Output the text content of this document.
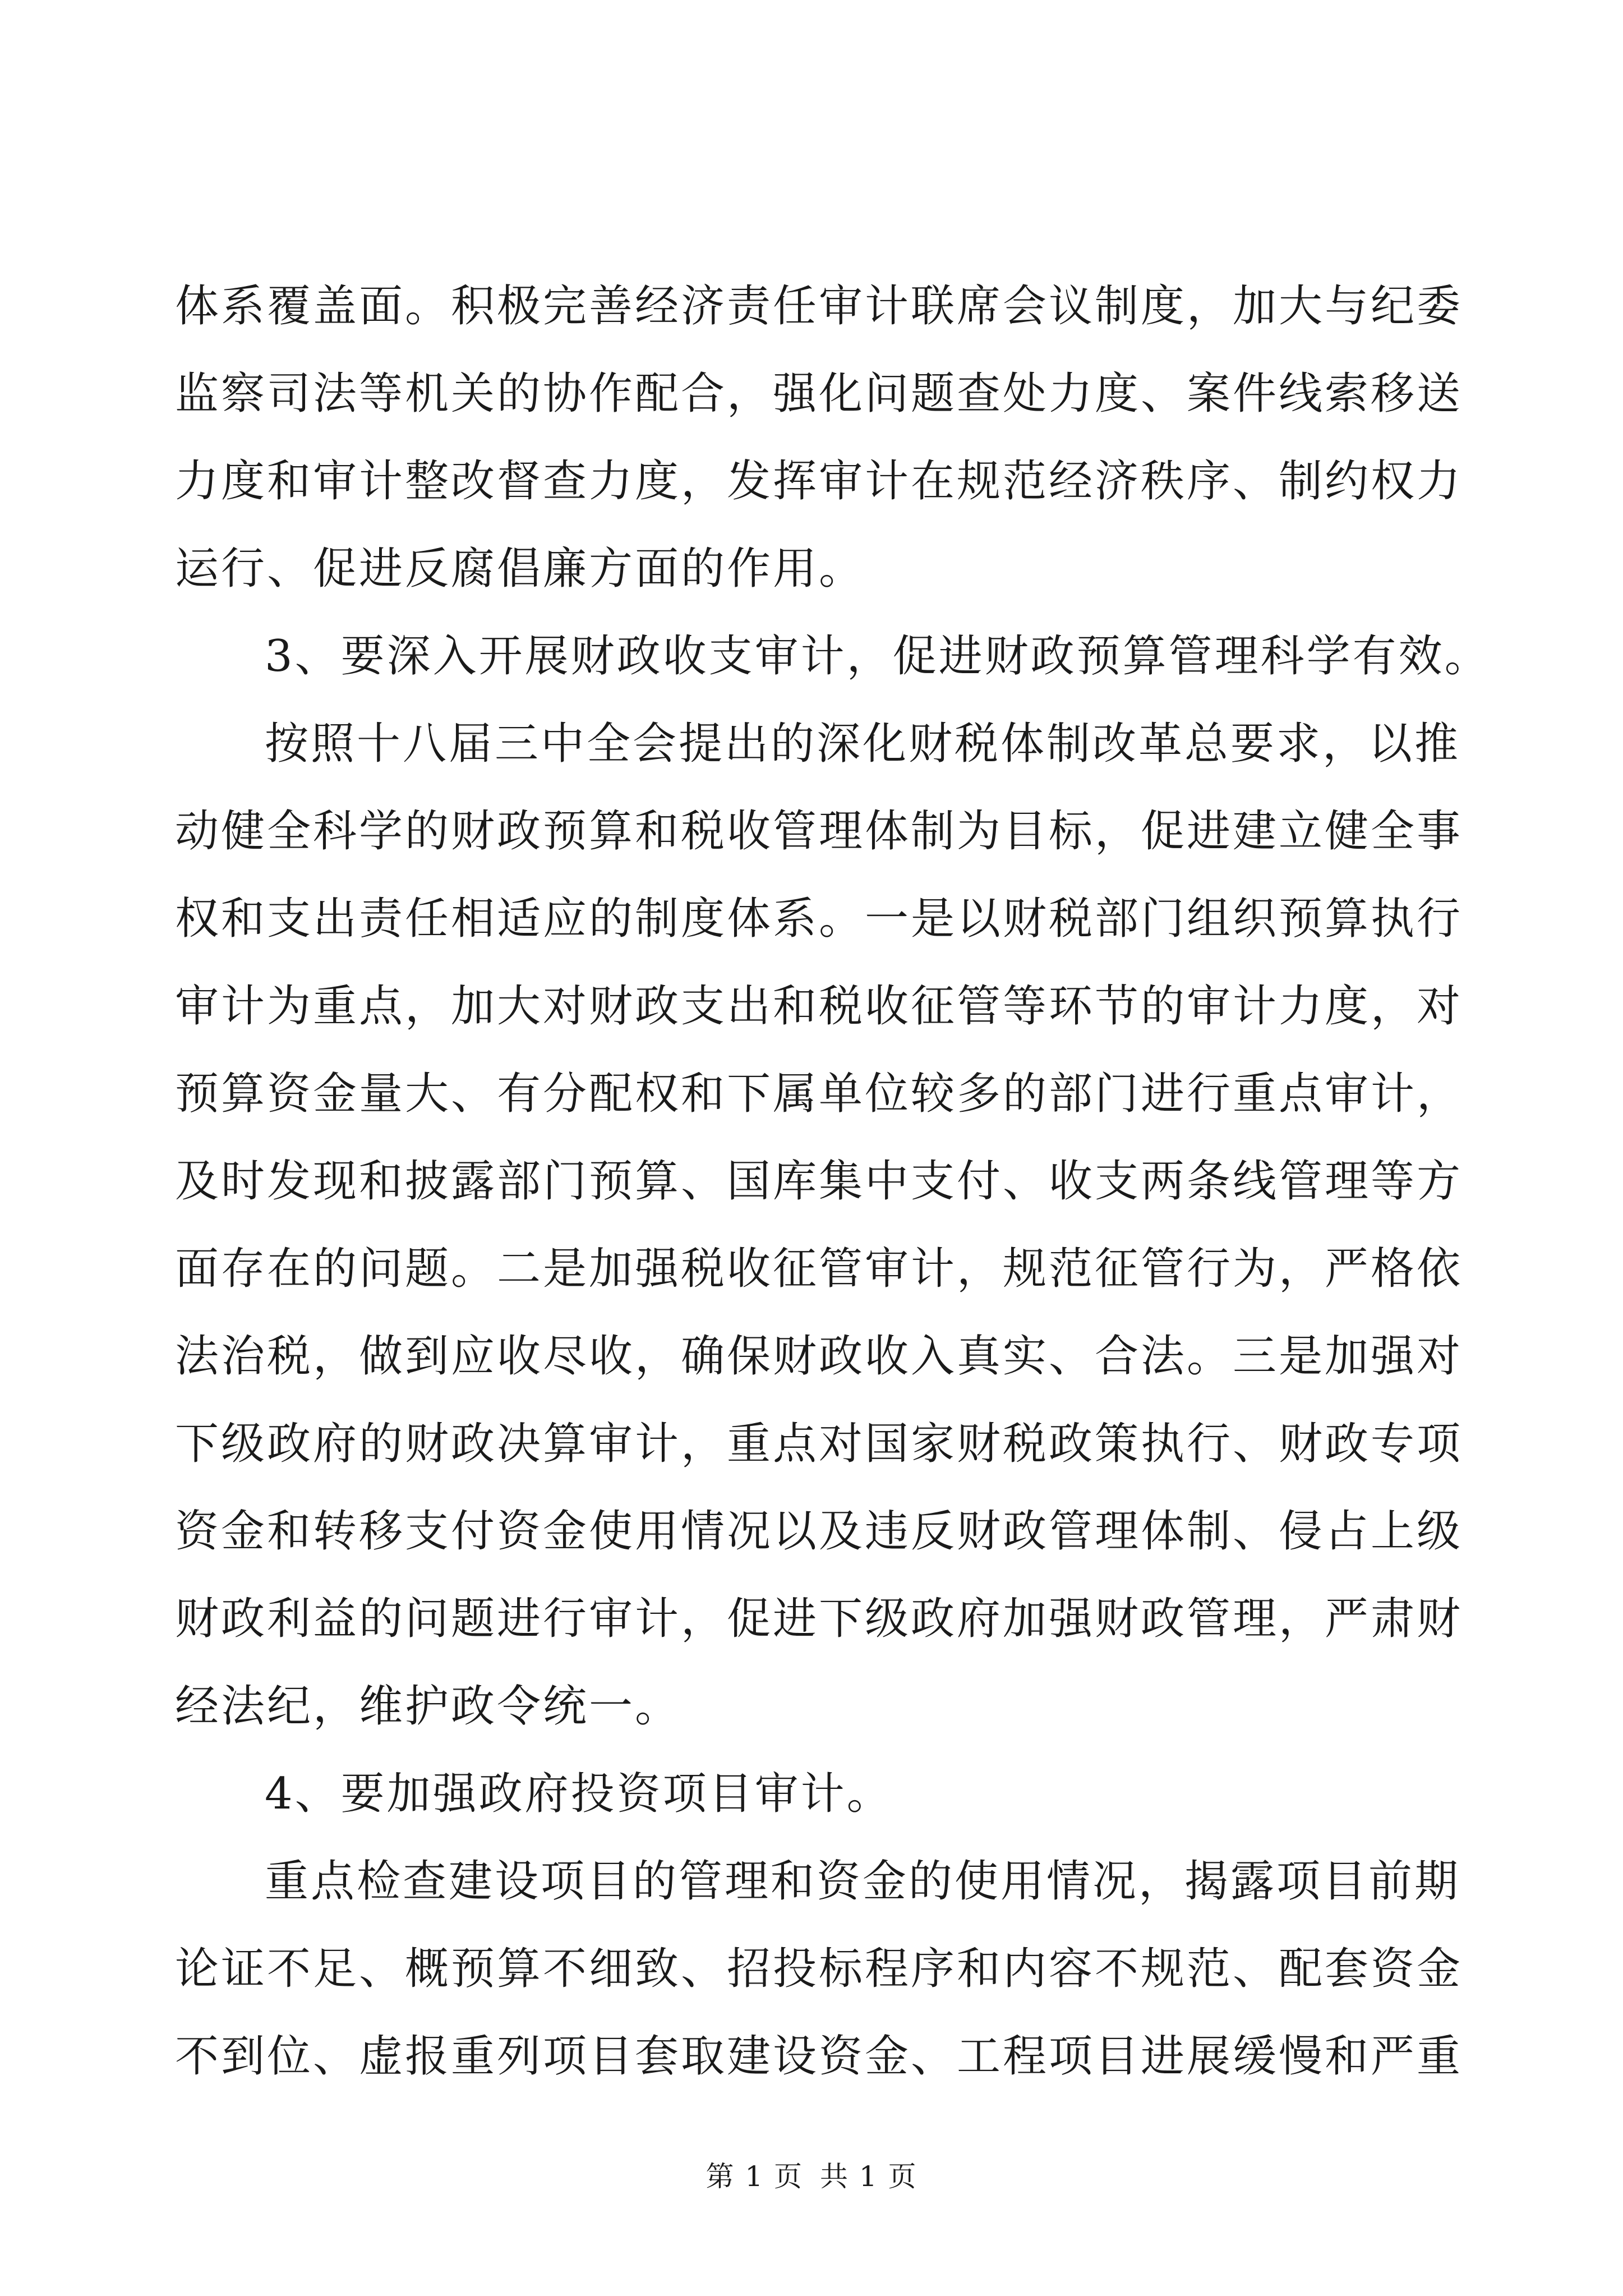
体系覆盖面。积极完善经济责任审计联席会议制度，加大与纪委
监察司法等机关的协作配合，强化问题查处力度、案件线索移送
力度和审计整改督查力度，发挥审计在规范经济秩序、制约权力
运行、促进反腐倡廉方面的作用。
3、要深入开展财政收支审计，促进财政预算管理科学有效。
按照十八届三中全会提出的深化财税体制改革总要求，以推
动健全科学的财政预算和税收管理体制为目标，促进建立健全事
权和支出责任相适应的制度体系。一是以财税部门组织预算执行
审计为重点，加大对财政支出和税收征管等环节的审计力度，对
预算资金量大、有分配权和下属单位较多的部门进行重点审计，
及时发现和披露部门预算、国库集中支付、收支两条线管理等方
面存在的问题。二是加强税收征管审计，规范征管行为，严格依
法治税，做到应收尽收，确保财政收入真实、合法。三是加强对
下级政府的财政决算审计，重点对国家财税政策执行、财政专项
资金和转移支付资金使用情况以及违反财政管理体制、侵占上级
财政利益的问题进行审计，促进下级政府加强财政管理，严肃财
经法纪，维护政令统一。
4、要加强政府投资项目审计。
重点检查建设项目的管理和资金的使用情况，揭露项目前期
论证不足、概预算不细致、招投标程序和内容不规范、配套资金
不到位、虚报重列项目套取建设资金、工程项目进展缓慢和严重
第 1 页 共 1 页
